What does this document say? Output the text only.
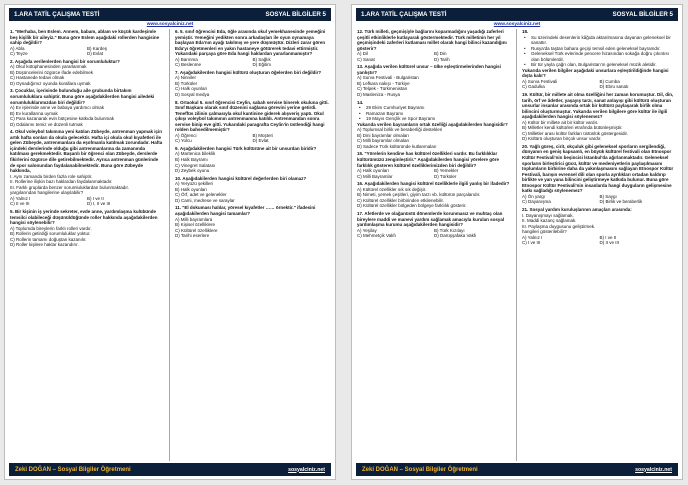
1.ARA TATİL ÇALIŞMA TESTİ	SOSYAL BİLGİLER 5
www.sosyalciniz.net

1. "Merhaba, ben Eslem. Annem, babam, ablam ve küçük kardeşimle beş kişilik bir aileyiz." Buna göre Eslem aşağıdaki rollerden hangisine sahip değildir?

A) Abla	B) Kardeş
C) Teyze	D) Evlat

2. Aşağıda verilenlerden hangisi bir sorumluluktur?

A) Okul kütüphanesinden yararlanmak
B) Düşüncelerini özgürce ifade edebilmek
C) Hastanede tedavi olmak
D) Oynadığımız oyunda kurallara uymak

3. Çocuklar, içerisinde bulunduğu aile grubunda birtakım sorumluluklara sahiptir. Buna göre aşağıdakilerden hangisi ailedeki sorumluluklarımızdan biri değildir?

A) Ev işlerinde anne ve babaya yardımcı olmak
B) Ev kurallarına uymak
C) Para kazanarak evin bütçesine katkıda bulunmak
D) Odalarını temiz ve düzenli tutmak

4. Okul voleybol takımına yeni katılan Zübeyde, antrenman yapmak için artık hafta sonları da okula gelecektir. Hafta içi okula okul kıyafetleri ile gelen Zübeyde, antrenmanlara da eşofmanla katılmak zorundadır. Hafta içindeki derslerinde olduğu gibi antrenmanlarına da zamanında katılması gerekmektedir. Başarılı bir öğrenci olan Zübeyde, derslerde fikirlerini özgürce dile getirebilmektedir. Ayrıca antrenman günlerinde de spor salonundan faydalanabilmektedir. Buna göre Zübeyde hakkında,

I. Aynı zamanda birden fazla role sahiptir.
II. Rollerine ilişkin bazı haklardan faydalanmaktadır.
III. Farklı gruplarda benzer sorumluluklardan bulunmaktadır.
yargılarından hangilerine ulaşılabilir?
A) Yalnız I	B) I ve II
C) II ve III	D) I, II ve III

5. Bir kişinin iş yerinde sekreter, evde anne, yardımlaşma kulübünde temsilci olabileceği düşünüldüğünde roller hakkında aşağıdakilerden hangisi söylenebilir?

A) Toplumda bireylerin farklı rolleri vardır.
B) Rollerin getirdiği sorumluluklar yoktur.
C) Rollerin tamamı doğuştan kazanılır.
D) Roller kişilere haklar kazandırır.

6. 5. sınıf öğrencisi Eda, öğle arasında okul yemekhanesinde yemeğini yemiştir. Yemeğini yedikten sonra arkadaşları ile oyun oynamaya başlayan Eda'nın ayağı takılmış ve yere düşmüştür. Dizleri zarar gören Eda'yı öğretmenleri en yakın hastaneye götürerek tedavi ettirmiştir. Yukarıdaki parçaya göre Eda hangi haklardan yararlanmamıştır?

A) Barınma	B) Sağlık
C) Beslenme	D) Eğitim

7. Aşağıdakilerden hangisi kültürü oluşturan öğelerden biri değildir?

A) Ninniler
B) Türküler
C) Halk oyunları
D) Sosyal medya

8. Ortaokul 5. sınıf öğrencisi Ceylin, sabah servise binerek okuluna gitti. Sınıf Başkanı olarak sınıf düzenini sağlama görevini yerine getirdi. Teneffüs zilinin çalmasıyla okul kantinine giderek alışveriş yaptı. Okul çıkışı voleybol takımının antrenmanına katıldı. Antrenmandan sonra servise binip eve gitti. Yukarıdaki paragrafta Ceylin'in üstlendiği hangi rolden bahsedilmemiştir?

A) Öğrenci	B) Müşteri
C) Yolcu	D) Evlat

9. Aşağıdakilerden hangisi Türk kültürüne ait bir unsurdan biridir?

A) Martenica bileklik
B) Halk Bayramı
C) Vinegret Salatası
D) Zeybek oyunu

10. Aşağıdakilerden hangisi kültürel değerlerden biri olamaz?

A) Yeryüzü şekilleri
B) Halk oyunları
C) Örf, adet ve gelenekler
D) Cami, medrese ve saraylar

11. "El dokuması halılar, yöresel kıyafetler …… örnektir." ifadesini aşağıdakilerden hangisi tamamlar?

A) Milli bayramlara
B) Kişisel özelliklere
C) Kültürel özelliklere
D) Tarihi eserlere
Zeki DOĞAN – Sosyal Bilgiler Öğretmeni	sosyalciniz.net
1.ARA TATİL ÇALIŞMA TESTİ	SOSYAL BİLGİLER 5
www.sosyalciniz.net

12. Türk milleti, geçmişiyle bağlarını koparmadığını yaşadığı zaferleri çeşitli etkinliklerle kutlayarak göstermektedir. Türk milletinin her yıl geçmişindeki zaferleri kutlaması millet olarak hangi bilinci kazandığını gösterir?

A) Dil	B) Din
C) Sanat	D) Tarih

13. Aşağıda verilen kültürel unsur – ülke eşleştirmelerinden hangisi yanlıştır?

A) Surva Festivali - Bulgaristan
B) Lefkara nakışı - Türkiye
C) Telpek - Türkmenistan
D) Masleniza - Rusya

14.

• 29 Ekim Cumhuriyet Bayramı
• Ramazan Bayramı
• 19 Mayıs Gençlik ve Spor Bayramı

Yukarıda verilen bayramların ortak özelliği aşağıdakilerden hangisidir?

A) Toplumsal birlik ve beraberliği destekleri
B) Dini bayramlar olmaları
C) Milli bayramlar olmaları
D) Sadece Türk kültüründe kutlanmaları

15. "Yörelerin kendine has kültürel özellikleri vardır. Bu farklılıklar kültürümüzü zenginleştirir." Aşağıdakilerden hangisi yörelere göre farklılık gösteren kültürel özelliklerimizden biri değildir?

A) Halk oyunları	B) Yemekler
C) Milli Bayramlar	D) Türküler

16. Aşağıdakilerden hangisi kültürel özelliklerle ilgili yanlış bir ifadedir?

A) Kültürel özellikler sık sık değişir.
B) Nimeti, yemek çeşitleri, giyim tarzı vb. kültürün parçalarıdır.
C) Kültürel özellikler birbirinden etkilenebilir.
D) Kültürel özellikler bölgeden bölgeye farklılık gösterir.

17. Afetlerde ve olağanüstü dönemlerde korunmasız ve muhtaç olan bireylere maddi ve manevi yardım sağlamak amacıyla kurulan sosyal yardımlaşma kurumu aşağıdakilerden hangisidir?

A) Yeşilay	B) Türk Kızılayı
C) Mehmetçik Vakfı	D) Darüşşafaka Vakfı

18.

• Su üzerindeki desenlerin kâğıda aktarılmasına dayanan geleneksel bir sanattır.
• Rusya'da taştan bahara geçişi temsil eden geleneksel bayramdır.
• Geleneksel Türk evlerinde pencere hizasından sokağa doğru çıkıntısı olan bölümlerdir.
• Bir tür yayla çağrı olan, Bulgaristan'ın geleneksel müzik aletidir.

Yukarıda verilen bilgiler aşağıdaki unsurlara eşleştirildiğinde hangisi dışta kalır?

A) Surva Festivali	B) Cumba
C) Gadulka	D) Ebru sanatı

19. Kültür, bir millete ait olma özelliğini her zaman korumuştur. Dil, din, tarih, örf ve âdetler, yaşayış tarzı, sanat anlayışı gibi kültürü oluşturan unsurlar insanlar arasında ortak bir kültürü paylaşarak birlik olma bilincini oluşturmuştur. Yukarıda verilen bilgilere göre kültür ile ilgili aşağıdakilerden hangisi söylenemez?

A) Kültür bir millete ait bir kültür vardır.
B) Milletler kendi kültürleri etrafında bütünleşmiştir.
C) Milletler arası kültür farkları üstünlük göstergesidir.
D) Kültürü oluşturan birçok unsur vardır.

20. Yağlı güreş, cirit, okçuluk gibi geleneksel sporların sergilendiği, dünyanın en geniş kapsamlı, en büyük kültürel festivali olan Etnospor Kültür Festivali'nin beşincisi İstanbul'da ağırlanmaktadır. Geleneksel sporların birleştirici gücü, kültür ve medeniyetlerin paylaşılmasını toplumların birbirine daha da yakınlaşmasını sağlayan Etnospor Kültür Festivali, barışın evrensel dili olan sporla ayrılıkları ortadan kaldırıp birlikte ve yan yana bilincini geliştirmeye katkıda bulunur. Buna göre Etnospor Kültür Festivali'nin insanlarda hangi duyguların gelişmesine katkı sağladığı söylenemez?

A) Ön yargı	B) Saygı
C) Dayanışma	D) Birlik ve beraberlik

21. Sosyal yardım kuruluşlarının amaçları arasında:

I. Dayanışmayı sağlamak.
II. Maddi kazanç sağlamak.
III. Paylaşma duygusunu geliştirmek.
hangileri gösterilebilir?
A) Yalnız I	B) I ve II
C) I ve III	D) II ve III
Zeki DOĞAN – Sosyal Bilgiler Öğretmeni	sosyalciniz.net
